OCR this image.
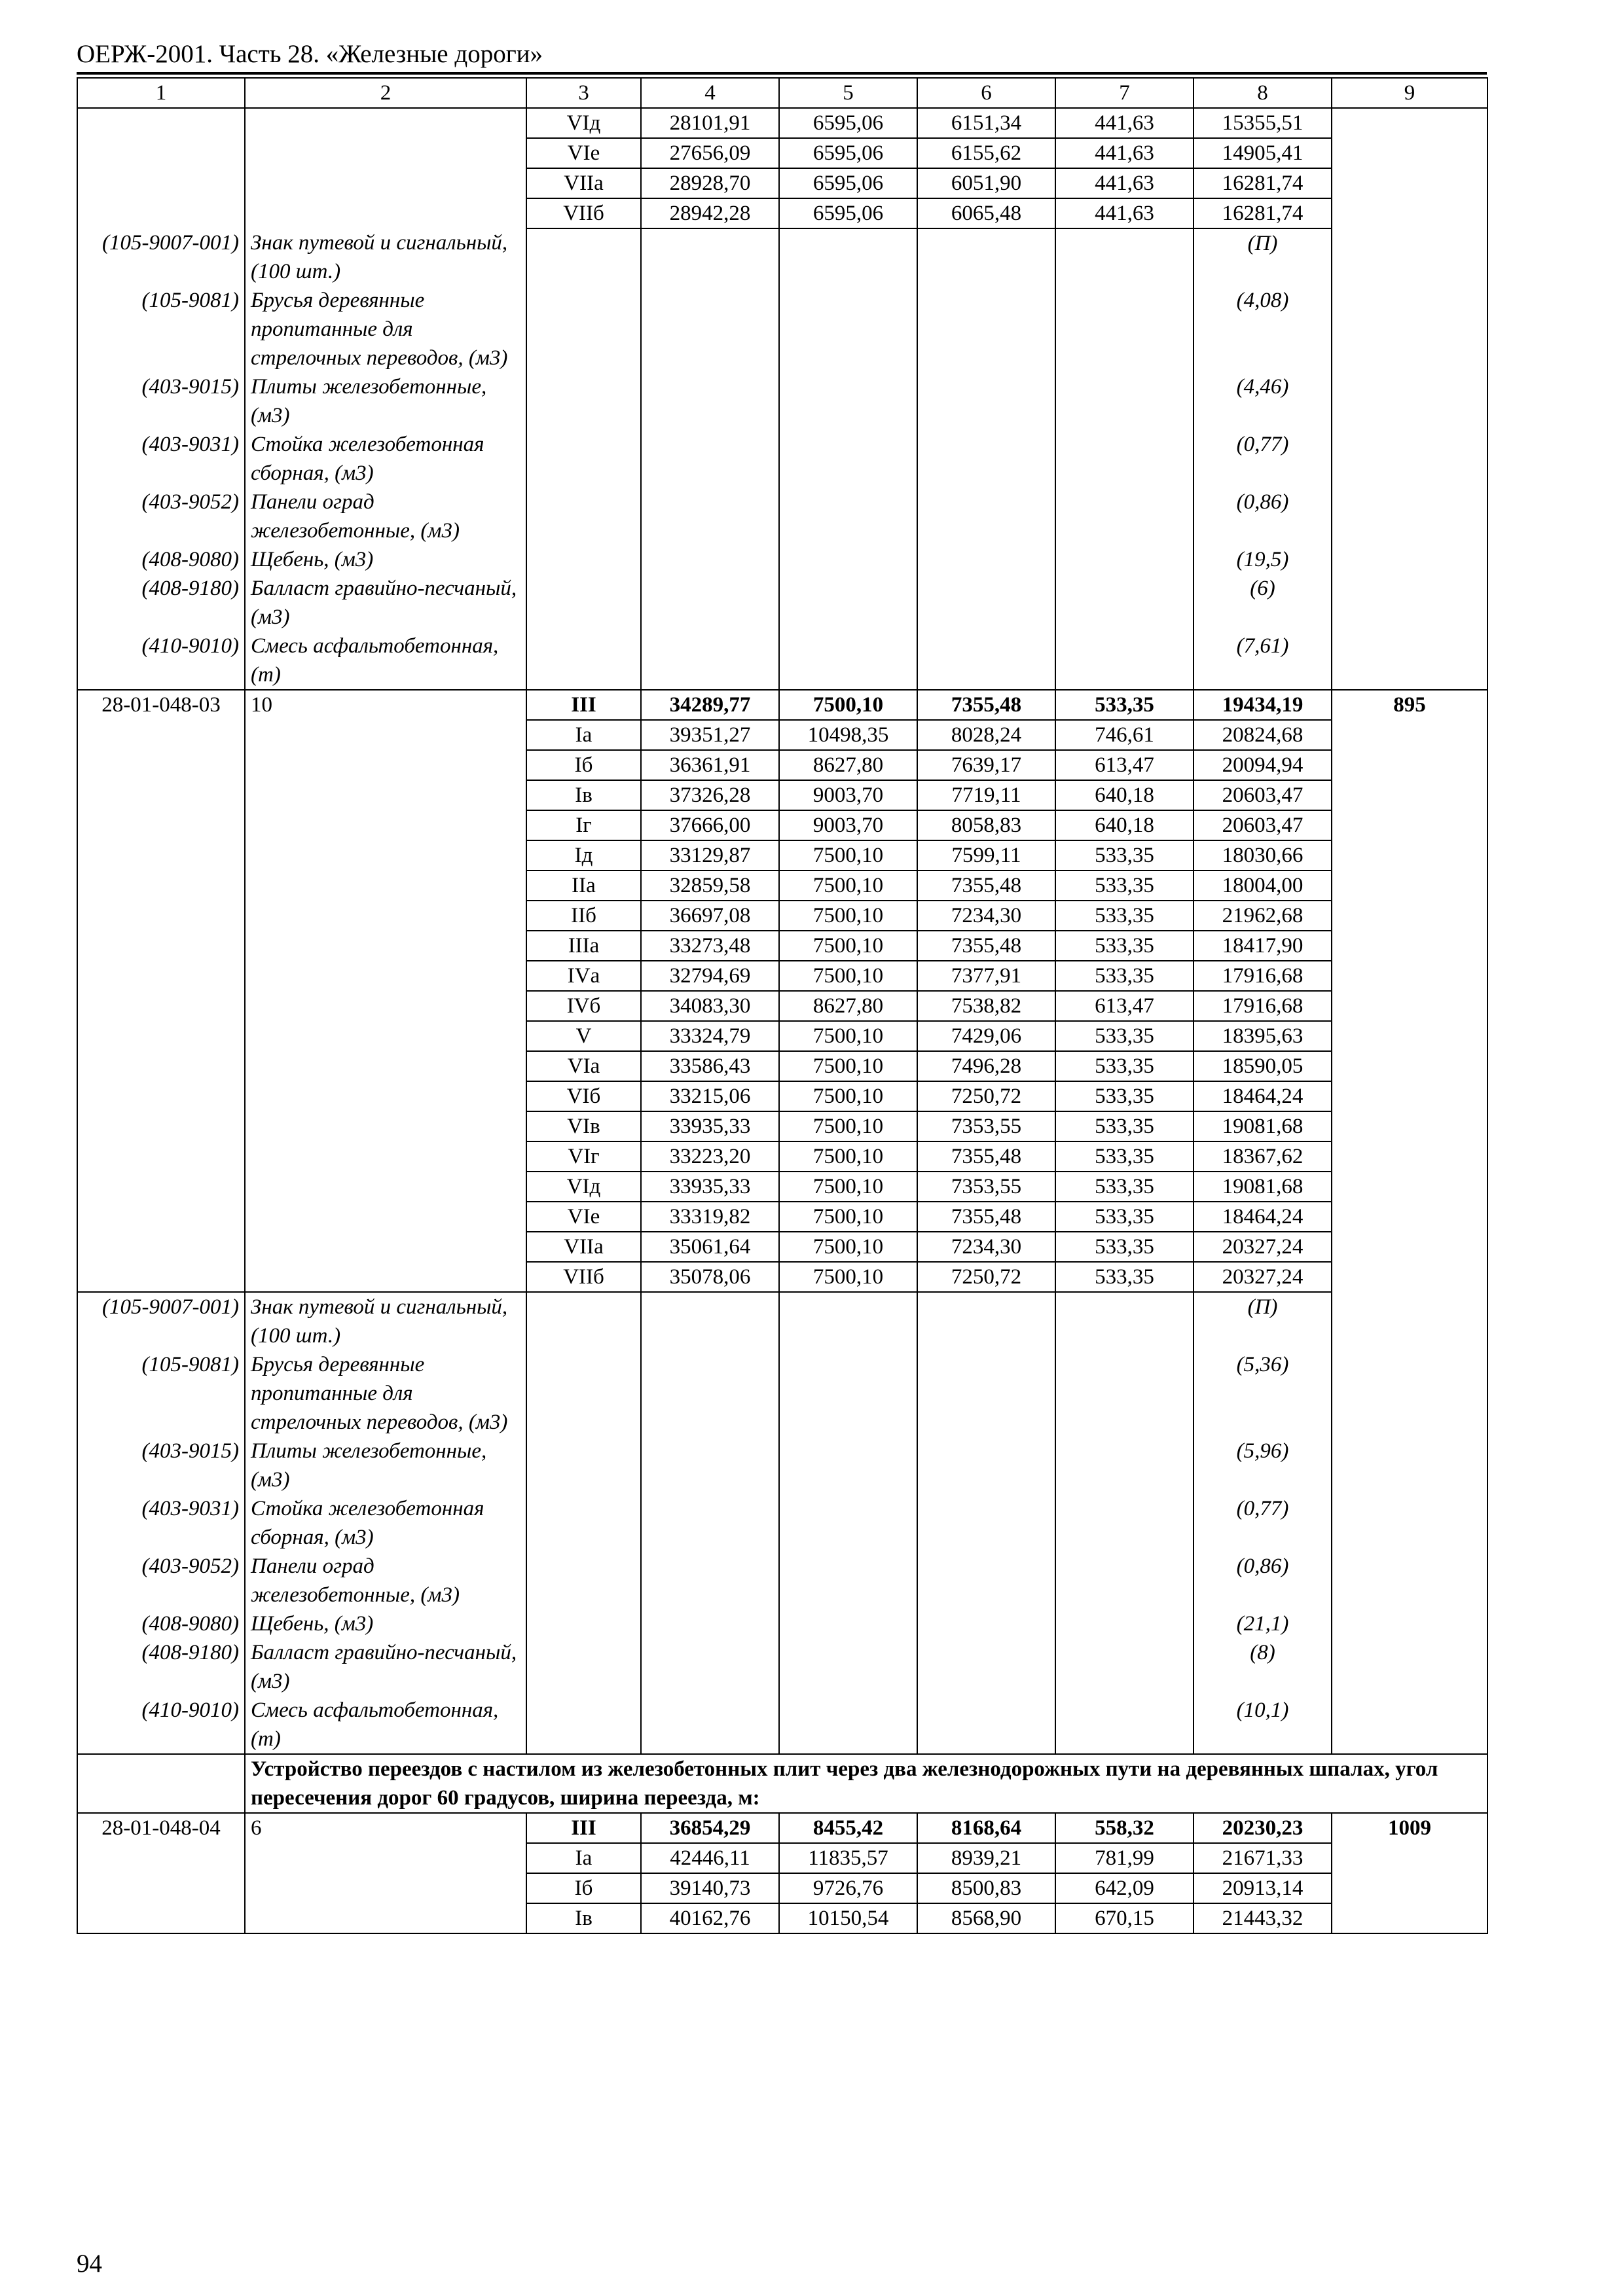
ОЕРЖ-2001. Часть 28. «Железные дороги»
1	2	3	4	5	6	7	8	9
		VIд	28101,91	6595,06	6151,34	441,63	15355,51	
		VIе	27656,09	6595,06	6155,62	441,63	14905,41	
		VIIа	28928,70	6595,06	6051,90	441,63	16281,74	
		VIIб	28942,28	6595,06	6065,48	441,63	16281,74	
(105-9007-001)	Знак путевой и сигнальный, (100 шт.)						(П)	
(105-9081)	Брусья деревянные пропитанные для стрелочных переводов, (м3)						(4,08)	
(403-9015)	Плиты железобетонные, (м3)						(4,46)	
(403-9031)	Стойка железобетонная сборная, (м3)						(0,77)	
(403-9052)	Панели оград железобетонные, (м3)						(0,86)	
(408-9080)	Щебень, (м3)						(19,5)	
(408-9180)	Балласт гравийно-песчаный, (м3)						(6)	
(410-9010)	Смесь асфальтобетонная, (т)						(7,61)	
28-01-048-03	10	III	34289,77	7500,10	7355,48	533,35	19434,19	895
		Iа	39351,27	10498,35	8028,24	746,61	20824,68	
		Iб	36361,91	8627,80	7639,17	613,47	20094,94	
		Iв	37326,28	9003,70	7719,11	640,18	20603,47	
		Iг	37666,00	9003,70	8058,83	640,18	20603,47	
		Iд	33129,87	7500,10	7599,11	533,35	18030,66	
		IIа	32859,58	7500,10	7355,48	533,35	18004,00	
		IIб	36697,08	7500,10	7234,30	533,35	21962,68	
		IIIа	33273,48	7500,10	7355,48	533,35	18417,90	
		IVа	32794,69	7500,10	7377,91	533,35	17916,68	
		IVб	34083,30	8627,80	7538,82	613,47	17916,68	
		V	33324,79	7500,10	7429,06	533,35	18395,63	
		VIа	33586,43	7500,10	7496,28	533,35	18590,05	
		VIб	33215,06	7500,10	7250,72	533,35	18464,24	
		VIв	33935,33	7500,10	7353,55	533,35	19081,68	
		VIг	33223,20	7500,10	7355,48	533,35	18367,62	
		VIд	33935,33	7500,10	7353,55	533,35	19081,68	
		VIе	33319,82	7500,10	7355,48	533,35	18464,24	
		VIIа	35061,64	7500,10	7234,30	533,35	20327,24	
		VIIб	35078,06	7500,10	7250,72	533,35	20327,24	
(105-9007-001)	Знак путевой и сигнальный, (100 шт.)						(П)	
(105-9081)	Брусья деревянные пропитанные для стрелочных переводов, (м3)						(5,36)	
(403-9015)	Плиты железобетонные, (м3)						(5,96)	
(403-9031)	Стойка железобетонная сборная, (м3)						(0,77)	
(403-9052)	Панели оград железобетонные, (м3)						(0,86)	
(408-9080)	Щебень, (м3)						(21,1)	
(408-9180)	Балласт гравийно-песчаный, (м3)						(8)	
(410-9010)	Смесь асфальтобетонная, (т)						(10,1)	
	Устройство переездов с настилом из железобетонных плит через два железнодорожных пути на деревянных шпалах, угол пересечения дорог 60 градусов, ширина переезда, м:							
28-01-048-04	6	III	36854,29	8455,42	8168,64	558,32	20230,23	1009
		Iа	42446,11	11835,57	8939,21	781,99	21671,33	
		Iб	39140,73	9726,76	8500,83	642,09	20913,14	
		Iв	40162,76	10150,54	8568,90	670,15	21443,32	
94
